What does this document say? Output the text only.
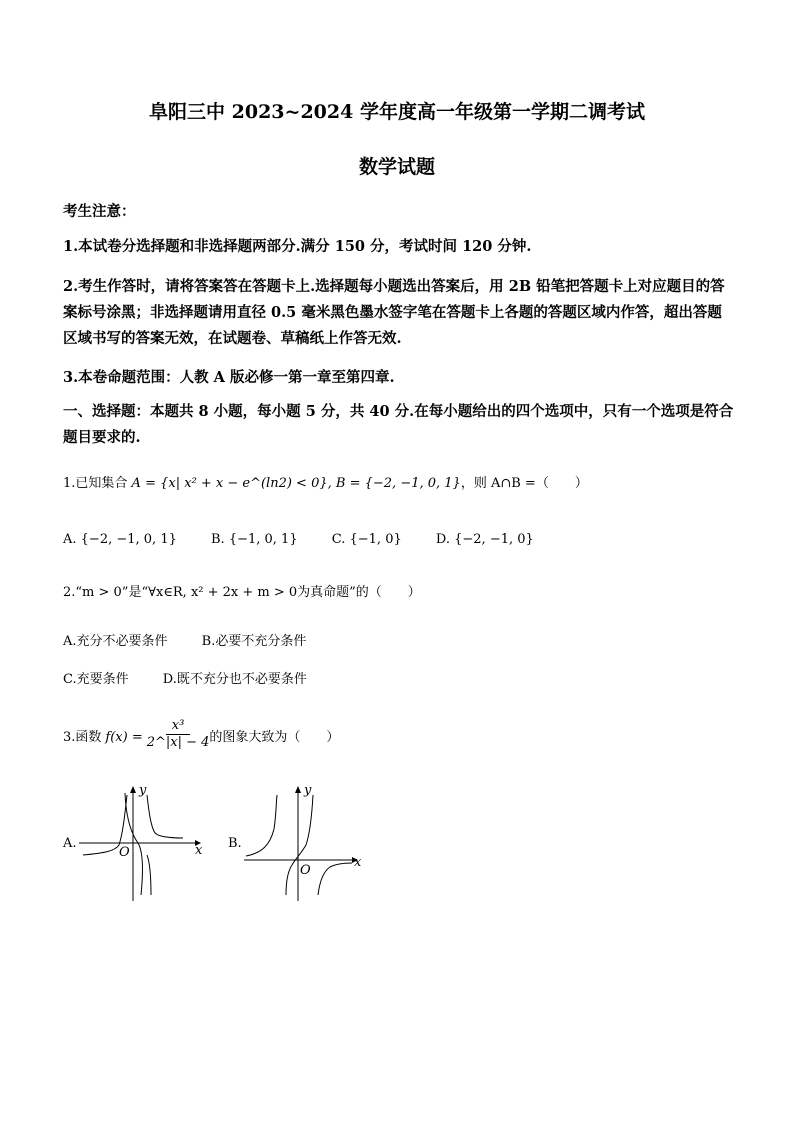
阜阳三中 2023~2024 学年度高一年级第一学期二调考试
数学试题
考生注意：
1.本试卷分选择题和非选择题两部分.满分 150 分，考试时间 120 分钟.
2.考生作答时，请将答案答在答题卡上.选择题每小题选出答案后，用 2B 铅笔把答题卡上对应题目的答案标号涂黑；非选择题请用直径 0.5 毫米黑色墨水签字笔在答题卡上各题的答题区域内作答，超出答题区域书写的答案无效，在试题卷、草稿纸上作答无效.
3.本卷命题范围：人教 A 版必修一第一章至第四章.
一、选择题：本题共 8 小题，每小题 5 分，共 40 分.在每小题给出的四个选项中，只有一个选项是符合题目要求的.
1.已知集合 A = {x| x² + x − e^(ln2) < 0}, B = {−2, −1, 0, 1}，则 A∩B =（　　）
A. {−2, −1, 0, 1}	B. {−1, 0, 1}	C. {−1, 0}	D. {−2, −1, 0}
2.“m > 0”是“∀x∈R, x² + 2x + m > 0为真命题”的（　　）
A.充分不必要条件	B.必要不充分条件
C.充要条件	D.既不充分也不必要条件
3.函数 $f(x) = \frac{\text{x³}}{2\^{}|x| - 4}$ 的图象大致为（　　）
A.
y
x
O
B.
y
x
O
